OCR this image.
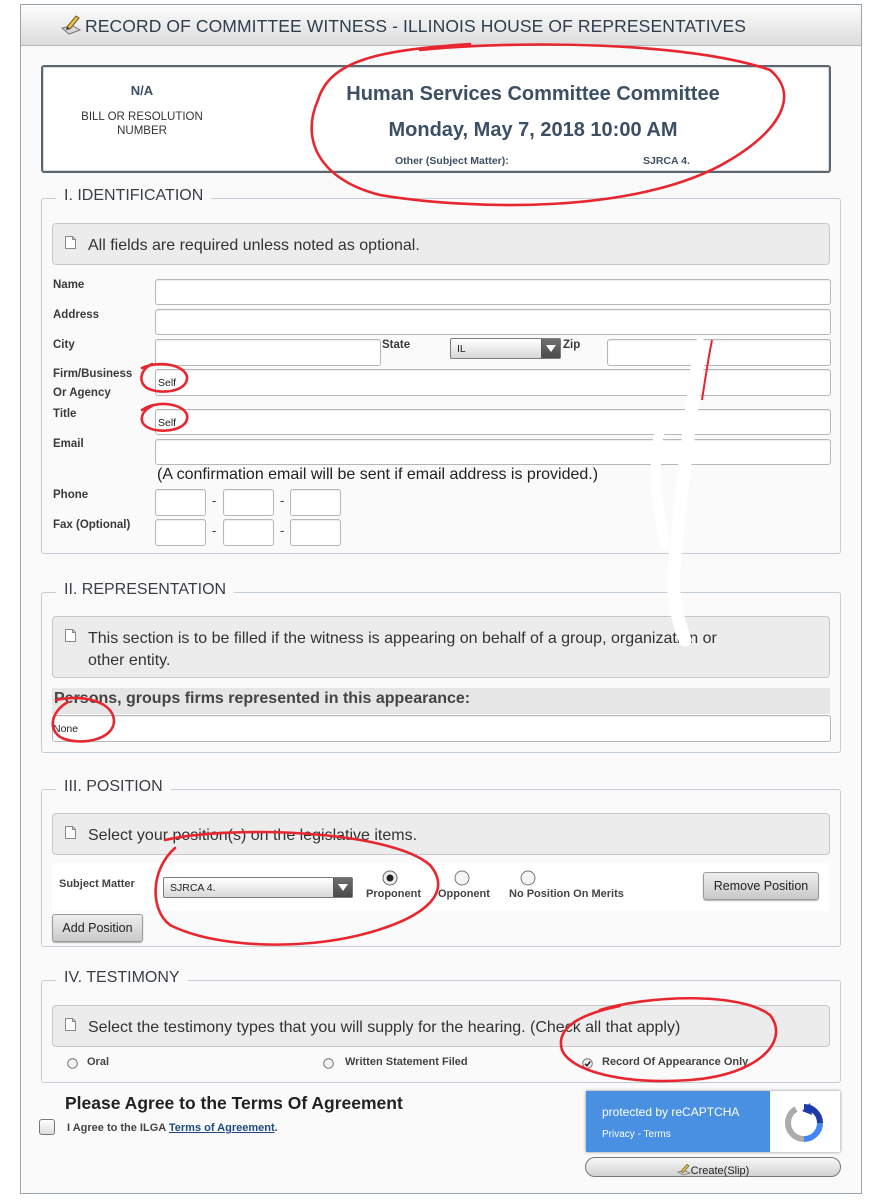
RECORD OF COMMITTEE WITNESS - ILLINOIS HOUSE OF REPRESENTATIVES
N/A
BILL OR RESOLUTION NUMBER
Human Services Committee Committee
Monday, May 7, 2018 10:00 AM
Other (Subject Matter):	SJRCA 4.
I. IDENTIFICATION
All fields are required unless noted as optional.
Name
Address
City	State	IL	Zip
Firm/Business
Or Agency
Self
Title
Self
Email
(A confirmation email will be sent if email address is provided.)
Phone	-	-
Fax (Optional)	-	-
II. REPRESENTATION
This section is to be filled if the witness is appearing on behalf of a group, organization or
other entity.
Persons, groups firms represented in this appearance:
None
III. POSITION
Select your position(s) on the legislative items.
Subject Matter	SJRCA 4.	Proponent Opponent No Position On Merits
Remove Position
Add Position
IV. TESTIMONY
Select the testimony types that you will supply for the hearing. (Check all that apply)
Oral	Written Statement Filed	Record Of Appearance Only
Please Agree to the Terms Of Agreement
I Agree to the ILGA Terms of Agreement.
protected by reCAPTCHA
Privacy - Terms
Create(Slip)
